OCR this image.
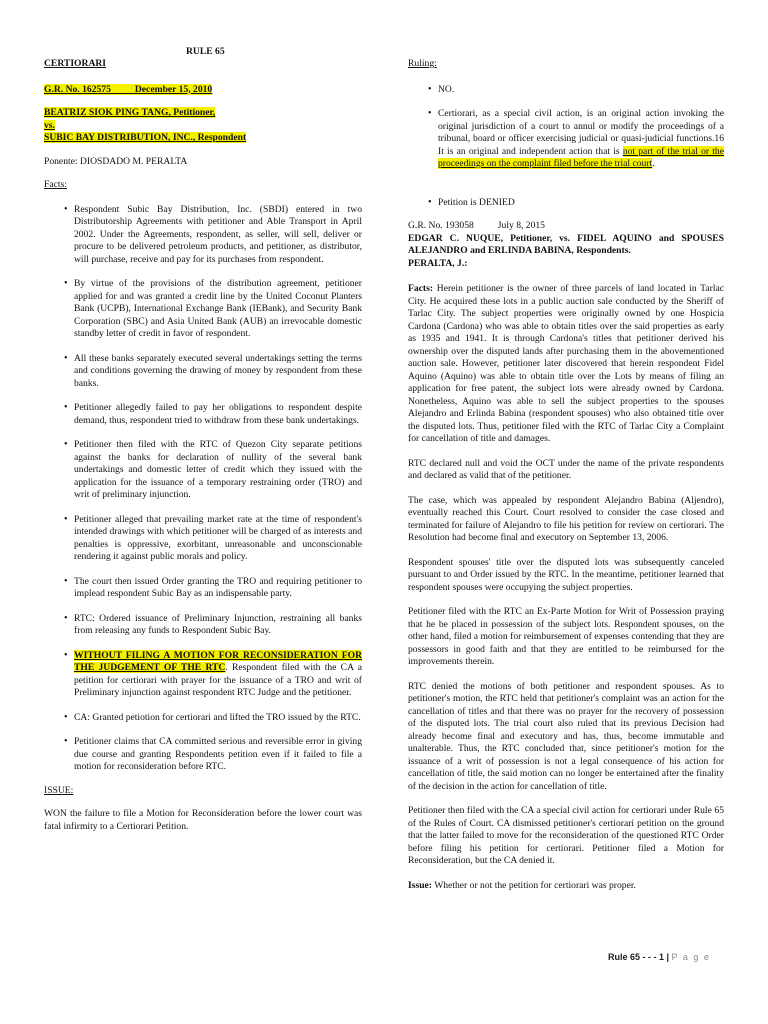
RULE 65

CERTIORARI

G.R. No. 162575          December 15, 2010

BEATRIZ SIOK PING TANG, Petitioner,

vs.

SUBIC BAY DISTRIBUTION, INC., Respondent

Ponente: DIOSDADO M. PERALTA

Facts:

• Respondent Subic Bay Distribution, Inc. (SBDI) entered in two Distributorship Agreements with petitioner and Able Transport in April 2002. Under the Agreements, respondent, as seller, will sell, deliver or procure to be delivered petroleum products, and petitioner, as distributor, will purchase, receive and pay for its purchases from respondent.
• By virtue of the provisions of the distribution agreement, petitioner applied for and was granted a credit line by the United Coconut Planters Bank (UCPB), International Exchange Bank (IEBank), and Security Bank Corporation (SBC) and Asia United Bank (AUB) an irrevocable domestic standby letter of credit in favor of respondent.
• All these banks separately executed several undertakings setting the terms and conditions governing the drawing of money by respondent from these banks.
• Petitioner allegedly failed to pay her obligations to respondent despite demand, thus, respondent tried to withdraw from these bank undertakings.
• Petitioner then filed with the RTC of Quezon City separate petitions against the banks for declaration of nullity of the several bank undertakings and domestic letter of credit which they issued with the application for the issuance of a temporary restraining order (TRO) and writ of preliminary injunction.
• Petitioner alleged that prevailing market rate at the time of respondent's intended drawings with which petitioner will be charged of as interests and penalties is oppressive, exorbitant, unreasonable and unconscionable rendering it against public morals and policy.
• The court then issued Order granting the TRO and requiring petitioner to implead respondent Subic Bay as an indispensable party.
• RTC: Ordered issuance of Preliminary Injunction, restraining all banks from releasing any funds to Respondent Subic Bay.
• WITHOUT FILING A MOTION FOR RECONSIDERATION FOR THE JUDGEMENT OF THE RTC. Respondent filed with the CA a petition for certiorari with prayer for the issuance of a TRO and writ of Preliminary injunction against respondent RTC Judge and the petitioner.
• CA: Granted petiotion for certiorari and lifted the TRO issued by the RTC.
• Petitioner claims that CA committed serious and reversible error in giving due course and granting Respondents petition even if it failed to file a motion for reconsideration before RTC.

ISSUE:

WON the failure to file a Motion for Reconsideration before the lower court was fatal infirmity to a Certiorari Petition.

Ruling:

• NO.
• Certiorari, as a special civil action, is an original action invoking the original jurisdiction of a court to annul or modify the proceedings of a tribunal, board or officer exercising judicial or quasi-judicial functions.16 It is an original and independent action that is not part of the trial or the proceedings on the complaint filed before the trial court.
• Petition is DENIED

G.R. No. 193058          July 8, 2015

EDGAR C. NUQUE, Petitioner, vs. FIDEL AQUINO and SPOUSES ALEJANDRO and ERLINDA BABINA, Respondents.

PERALTA, J.:

Facts: Herein petitioner is the owner of three parcels of land located in Tarlac City. He acquired these lots in a public auction sale conducted by the Sheriff of Tarlac City. The subject properties were originally owned by one Hospicia Cardona (Cardona) who was able to obtain titles over the said properties as early as 1935 and 1941. It is through Cardona's titles that petitioner derived his ownership over the disputed lands after purchasing them in the abovementioned auction sale. However, petitioner later discovered that herein respondent Fidel Aquino (Aquino) was able to obtain title over the Lots by means of filing an application for free patent, the subject lots were already owned by Cardona. Nonetheless, Aquino was able to sell the subject properties to the spouses Alejandro and Erlinda Babina (respondent spouses) who also obtained title over the disputed lots. Thus, petitioner filed with the RTC of Tarlac City a Complaint for cancellation of title and damages.

RTC declared null and void the OCT under the name of the private respondents and declared as valid that of the petitioner.

The case, which was appealed by respondent Alejandro Babina (Aljendro), eventually reached this Court. Court resolved to consider the case closed and terminated for failure of Alejandro to file his petition for review on certiorari. The Resolution had become final and executory on September 13, 2006.

Respondent spouses' title over the disputed lots was subsequently canceled pursuant to and Order issued by the RTC. In the meantime, petitioner learned that respondent spouses were occupying the subject properties.

Petitioner filed with the RTC an Ex-Parte Motion for Writ of Possession praying that he be placed in possession of the subject lots. Respondent spouses, on the other hand, filed a motion for reimbursement of expenses contending that they are possessors in good faith and that they are entitled to be reimbursed for the improvements therein.

RTC denied the motions of both petitioner and respondent spouses. As to petitioner's motion, the RTC held that petitioner's complaint was an action for the cancellation of titles and that there was no prayer for the recovery of possession of the disputed lots. The trial court also ruled that its previous Decision had already become final and executory and has, thus, become immutable and unalterable. Thus, the RTC concluded that, since petitioner's motion for the issuance of a writ of possession is not a legal consequence of his action for cancellation of title, the said motion can no longer be entertained after the finality of the decision in the action for cancellation of title.

Petitioner then filed with the CA a special civil action for certiorari under Rule 65 of the Rules of Court. CA dismissed petitioner's certiorari petition on the ground that the latter failed to move for the reconsideration of the questioned RTC Order before filing his petition for certiorari. Petitioner filed a Motion for Reconsideration, but the CA denied it.

Issue: Whether or not the petition for certiorari was proper.

Rule 65 - - - 1 | P a g e
